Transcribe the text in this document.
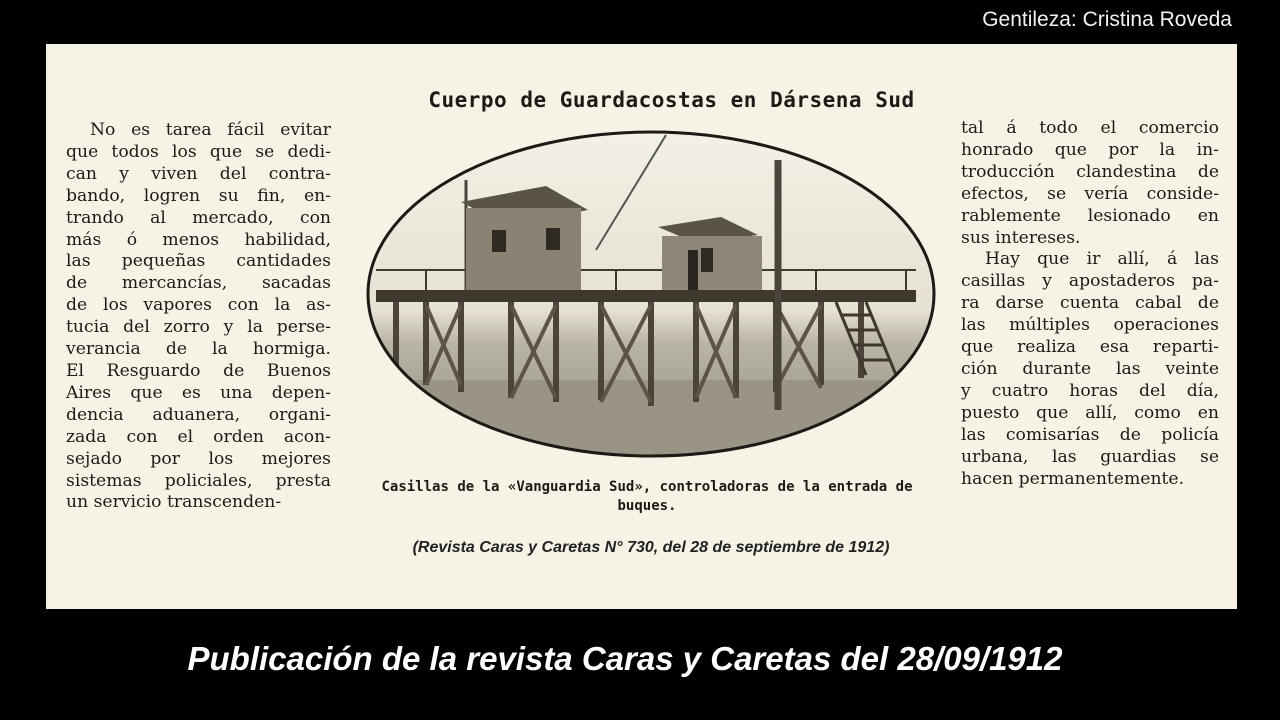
Gentileza: Cristina Roveda
Cuerpo de Guardacostas en Dársena Sud
No es tarea fácil evitar
que todos los que se dedi-
can y viven del contra-
bando, logren su fin, en-
trando al mercado, con
más ó menos habilidad,
las pequeñas cantidades
de mercancías, sacadas
de los vapores con la as-
tucia del zorro y la perse-
verancia de la hormiga.
El Resguardo de Buenos
Aires que es una depen-
dencia aduanera, organi-
zada con el orden acon-
sejado por los mejores
sistemas policiales, presta
un servicio transcenden-
Casillas de la «Vanguardia Sud», controladoras de la entrada de
buques.
(Revista Caras y Caretas N° 730, del 28 de septiembre de 1912)
tal á todo el comercio
honrado que por la in-
troducción clandestina de
efectos, se vería conside-
rablemente lesionado en
sus intereses.
Hay que ir allí, á las
casillas y apostaderos pa-
ra darse cuenta cabal de
las múltiples operaciones
que realiza esa reparti-
ción durante las veinte
y cuatro horas del día,
puesto que allí, como en
las comisarías de policía
urbana, las guardias se
hacen permanentemente.
Publicación de la revista Caras y Caretas del 28/09/1912
